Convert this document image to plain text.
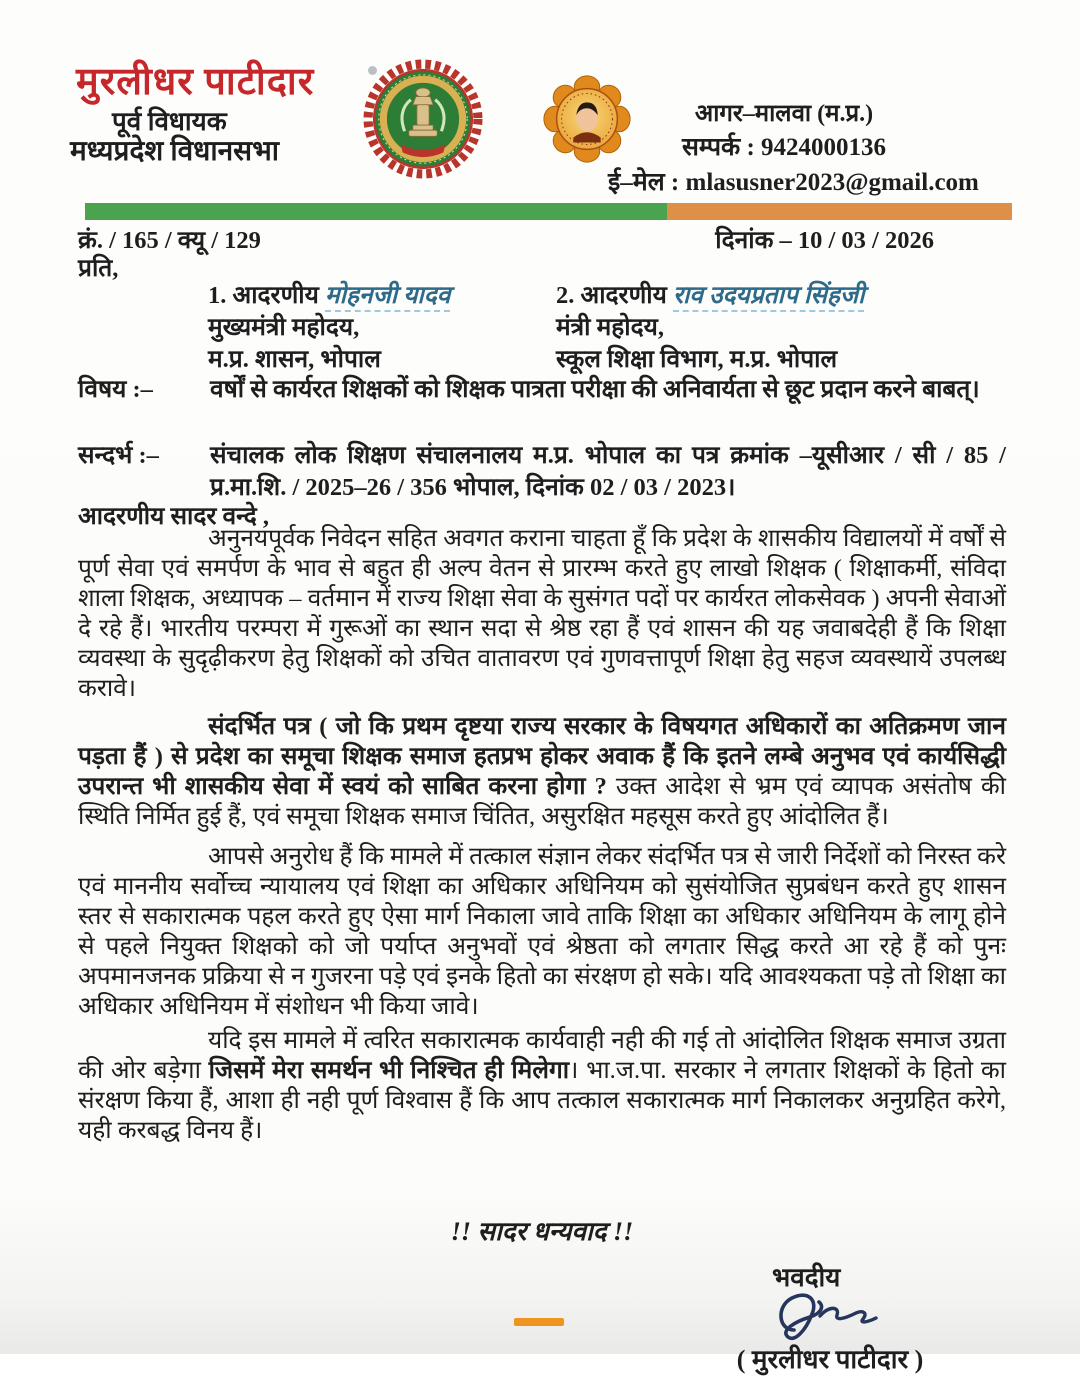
मुरलीधर पाटीदार
पूर्व विधायक
मध्यप्रदेश विधानसभा
आगर–मालवा (म.प्र.)
सम्पर्क : 9424000136
ई–मेल : mlasusner2023@gmail.com
क्रं. / 165 / क्यू / 129	दिनांक – 10 / 03 / 2026
प्रति,
1. आदरणीय मोहनजी यादव
मुख्यमंत्री महोदय,
म.प्र. शासन, भोपाल
2. आदरणीय राव उदयप्रताप सिंहजी
मंत्री महोदय,
स्कूल शिक्षा विभाग, म.प्र. भोपाल
विषय :–	वर्षों से कार्यरत शिक्षकों को शिक्षक पात्रता परीक्षा की अनिवार्यता से छूट प्रदान करने बाबत्।
सन्दर्भ :–	संचालक लोक शिक्षण संचालनालय म.प्र. भोपाल का पत्र क्रमांक –यूसीआर / सी / 85 / प्र.मा.शि. / 2025–26 / 356 भोपाल, दिनांक 02 / 03 / 2023।
आदरणीय सादर वन्दे ,

अनुनयपूर्वक निवेदन सहित अवगत कराना चाहता हूँ कि प्रदेश के शासकीय विद्यालयों में वर्षों से पूर्ण सेवा एवं समर्पण के भाव से बहुत ही अल्प वेतन से प्रारम्भ करते हुए लाखो शिक्षक ( शिक्षाकर्मी, संविदा शाला शिक्षक, अध्यापक – वर्तमान में राज्य शिक्षा सेवा के सुसंगत पदों पर कार्यरत लोकसेवक ) अपनी सेवाओं दे रहे हैं। भारतीय परम्परा में गुरूओं का स्थान सदा से श्रेष्ठ रहा हैं एवं शासन की यह जवाबदेही हैं कि शिक्षा व्यवस्था के सुदृढ़ीकरण हेतु शिक्षकों को उचित वातावरण एवं गुणवत्तापूर्ण शिक्षा हेतु सहज व्यवस्थायें उपलब्ध करावे।

संदर्भित पत्र ( जो कि प्रथम दृष्टया राज्य सरकार के विषयगत अधिकारों का अतिक्रमण जान पड़ता हैं ) से प्रदेश का समूचा शिक्षक समाज हतप्रभ होकर अवाक हैं कि इतने लम्बे अनुभव एवं कार्यसिद्धी उपरान्त भी शासकीय सेवा में स्वयं को साबित करना होगा ? उक्त आदेश से भ्रम एवं व्यापक असंतोष की स्थिति निर्मित हुई हैं, एवं समूचा शिक्षक समाज चिंतित, असुरक्षित महसूस करते हुए आंदोलित हैं।

आपसे अनुरोध हैं कि मामले में तत्काल संज्ञान लेकर संदर्भित पत्र से जारी निर्देशों को निरस्त करे एवं माननीय सर्वोच्च न्यायालय एवं शिक्षा का अधिकार अधिनियम को सुसंयोजित सुप्रबंधन करते हुए शासन स्तर से सकारात्मक पहल करते हुए ऐसा मार्ग निकाला जावे ताकि शिक्षा का अधिकार अधिनियम के लागू होने से पहले नियुक्त शिक्षको को जो पर्याप्त अनुभवों एवं श्रेष्ठता को लगतार सिद्ध करते आ रहे हैं को पुनः अपमानजनक प्रक्रिया से न गुजरना पड़े एवं इनके हितो का संरक्षण हो सके। यदि आवश्यकता पड़े तो शिक्षा का अधिकार अधिनियम में संशोधन भी किया जावे।

यदि इस मामले में त्वरित सकारात्मक कार्यवाही नही की गई तो आंदोलित शिक्षक समाज उग्रता की ओर बड़ेगा जिसमें मेरा समर्थन भी निश्चित ही मिलेगा। भा.ज.पा. सरकार ने लगतार शिक्षकों के हितो का संरक्षण किया हैं, आशा ही नही पूर्ण विश्वास हैं कि आप तत्काल सकारात्मक मार्ग निकालकर अनुग्रहित करेगे, यही करबद्ध विनय हैं।

!! सादर धन्यवाद !!
भवदीय
( मुरलीधर पाटीदार )
